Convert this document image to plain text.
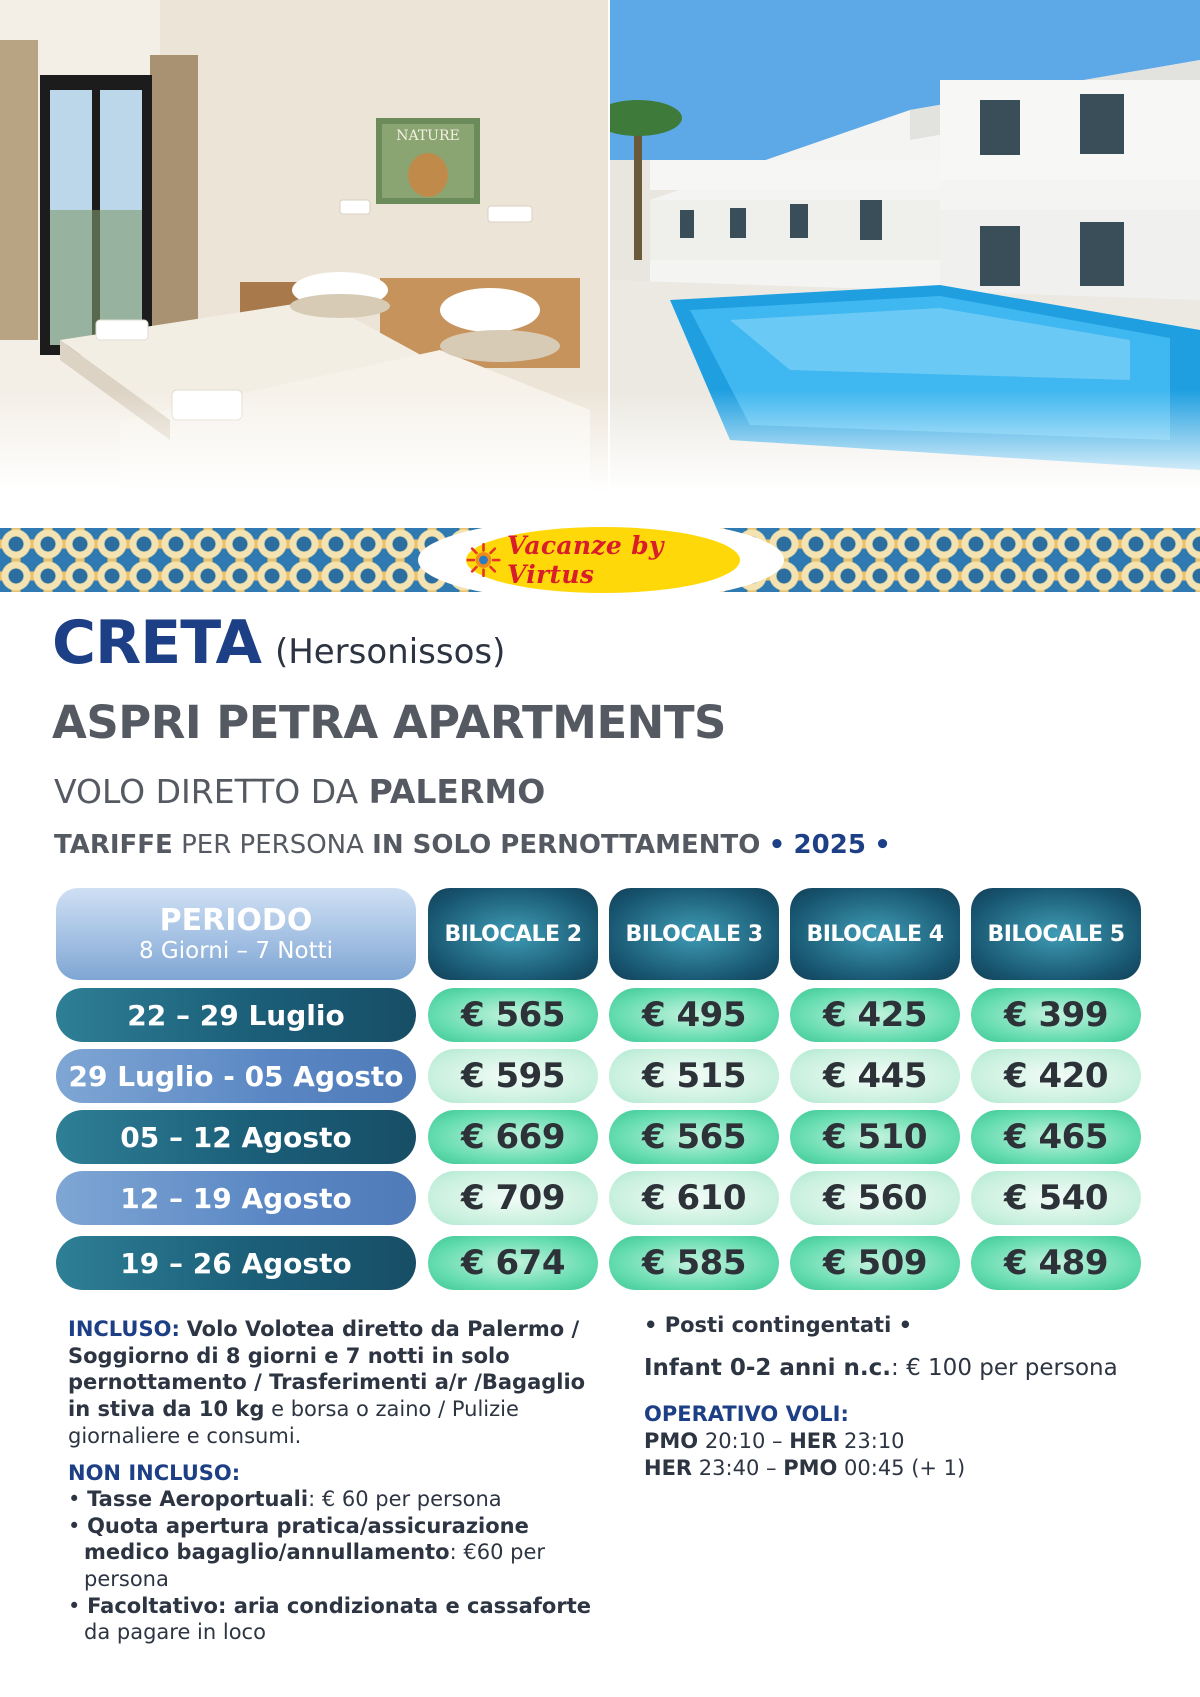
NATURE
Vacanze by Virtus
CRETA (Hersonissos)
ASPRI PETRA APARTMENTS
VOLO DIRETTO DA PALERMO
TARIFFE PER PERSONA IN SOLO PERNOTTAMENTO • 2025 •
PERIODO
8 Giorni – 7 Notti
BILOCALE 2	BILOCALE 3	BILOCALE 4	BILOCALE 5
22 – 29 Luglio	€ 565	€ 495	€ 425	€ 399
29 Luglio - 05 Agosto	€ 595	€ 515	€ 445	€ 420
05 – 12 Agosto	€ 669	€ 565	€ 510	€ 465
12 – 19 Agosto	€ 709	€ 610	€ 560	€ 540
19 – 26 Agosto	€ 674	€ 585	€ 509	€ 489
INCLUSO: Volo Volotea diretto da Palermo / Soggiorno di 8 giorni e 7 notti in solo pernottamento / Trasferimenti a/r /Bagaglio in stiva da 10 kg e borsa o zaino / Pulizie giornaliere e consumi.
NON INCLUSO:
• Tasse Aeroportuali: € 60 per persona
• Quota apertura pratica/assicurazione medico bagaglio/annullamento: €60 per persona
• Facoltativo: aria condizionata e cassaforte da pagare in loco
• Posti contingentati •
Infant 0-2 anni n.c.: € 100 per persona
OPERATIVO VOLI:
PMO 20:10 – HER 23:10
HER 23:40 – PMO 00:45 (+ 1)
